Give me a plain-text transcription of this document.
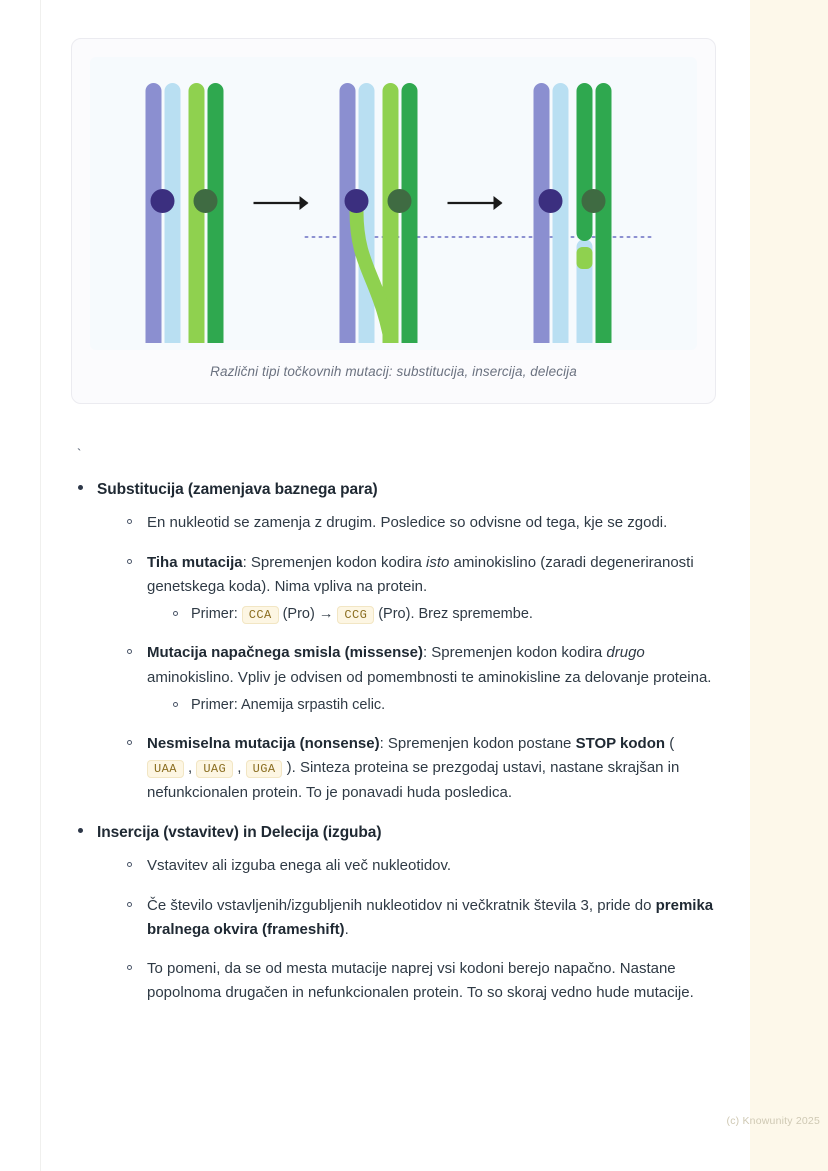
Različni tipi točkovnih mutacij: substitucija, insercija, delecija
`
Substitucija (zamenjava baznega para)
En nukleotid se zamenja z drugim. Posledice so odvisne od tega, kje se zgodi.
Tiha mutacija: Spremenjen kodon kodira isto aminokislino (zaradi degeneriranosti genetskega koda). Nima vpliva na protein.
Primer: CCA (Pro) → CCG (Pro). Brez spremembe.
Mutacija napačnega smisla (missense): Spremenjen kodon kodira drugo aminokislino. Vpliv je odvisen od pomembnosti te aminokisline za delovanje proteina.
Primer: Anemija srpastih celic.
Nesmiselna mutacija (nonsense): Spremenjen kodon postane STOP kodon ( UAA , UAG , UGA ). Sinteza proteina se prezgodaj ustavi, nastane skrajšan in nefunkcionalen protein. To je ponavadi huda posledica.
Insercija (vstavitev) in Delecija (izguba)
Vstavitev ali izguba enega ali več nukleotidov.
Če število vstavljenih/izgubljenih nukleotidov ni večkratnik števila 3, pride do premika bralnega okvira (frameshift).
To pomeni, da se od mesta mutacije naprej vsi kodoni berejo napačno. Nastane popolnoma drugačen in nefunkcionalen protein. To so skoraj vedno hude mutacije.
(c) Knowunity 2025
